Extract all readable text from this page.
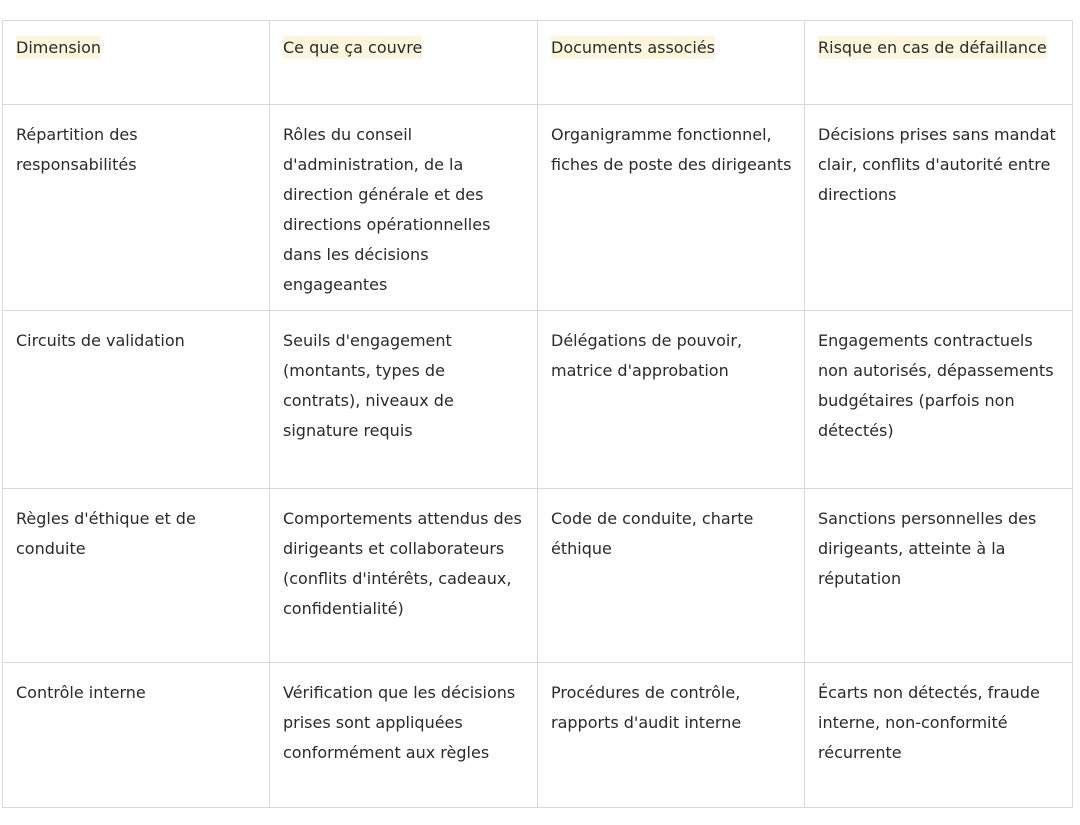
Dimension	Ce que ça couvre	Documents associés	Risque en cas de défaillance
Répartition des responsabilités	Rôles du conseil d'administration, de la direction générale et des directions opérationnelles dans les décisions engageantes	Organigramme fonctionnel, fiches de poste des dirigeants	Décisions prises sans mandat clair, conflits d'autorité entre directions
Circuits de validation	Seuils d'engagement (montants, types de contrats), niveaux de signature requis	Délégations de pouvoir, matrice d'approbation	Engagements contractuels non autorisés, dépassements budgétaires (parfois non détectés)
Règles d'éthique et de conduite	Comportements attendus des dirigeants et collaborateurs (conflits d'intérêts, cadeaux, confidentialité)	Code de conduite, charte éthique	Sanctions personnelles des dirigeants, atteinte à la réputation
Contrôle interne	Vérification que les décisions prises sont appliquées conformément aux règles	Procédures de contrôle, rapports d'audit interne	Écarts non détectés, fraude interne, non-conformité récurrente
